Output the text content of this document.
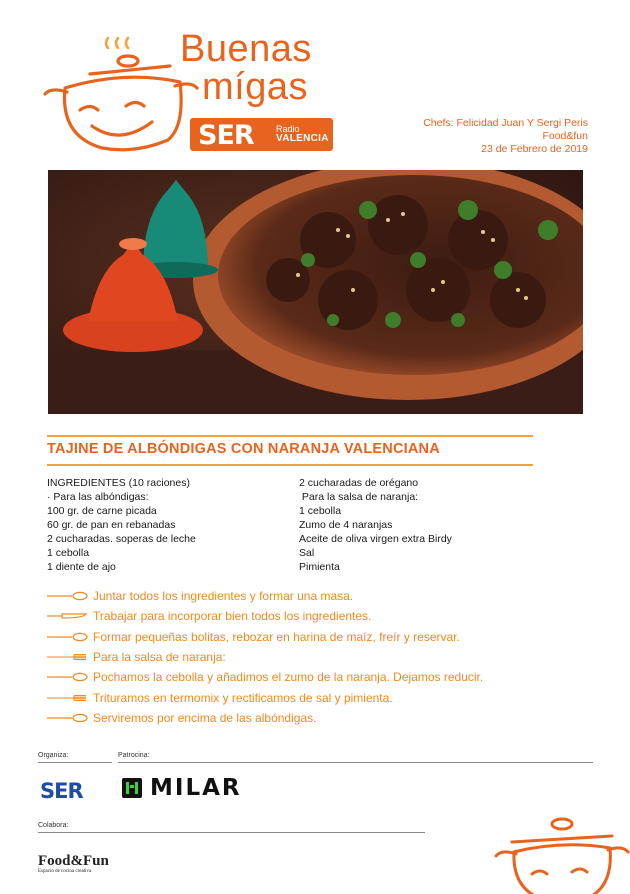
Buenas
mígas
SER Radio
VALENCIA
Chefs: Felicidad Juan Y Sergi Peris
Food&fun
23 de Febrero de 2019
TAJINE DE ALBÓNDIGAS CON NARANJA VALENCIANA
INGREDIENTES (10 raciones)
· Para las albóndigas:
100 gr. de carne picada
60 gr. de pan en rebanadas
2 cucharadas. soperas de leche
1 cebolla
1 diente de ajo
2 cucharadas de orégano
Para la salsa de naranja:
1 cebolla
Zumo de 4 naranjas
Aceite de oliva virgen extra Birdy
Sal
Pimienta
Juntar todos los ingredientes y formar una masa.
Trabajar para incorporar bien todos los ingredientes.
Formar pequeñas bolitas, rebozar en harina de maíz, freír y reservar.
Para la salsa de naranja:
Pochamos la cebolla y añadimos el zumo de la naranja. Dejamos reducir.
Trituramos en termomix y rectificamos de sal y pimienta.
Serviremos por encima de las albóndigas.
Organiza:	Patrocina:
SER	MILAR
Colabora:
Food&Fun
Espacio de cocina creativa
